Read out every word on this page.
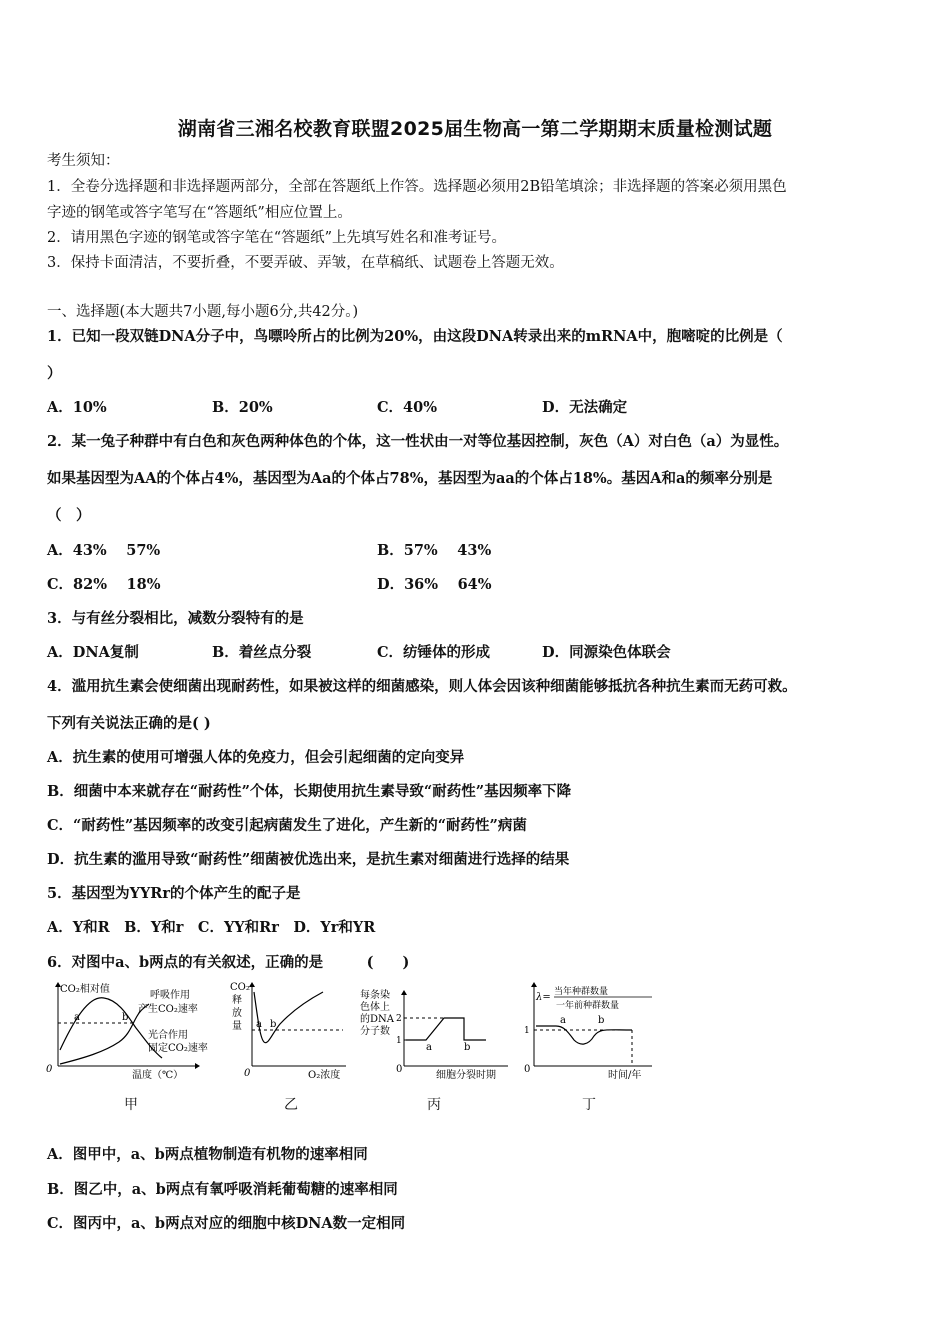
湖南省三湘名校教育联盟2025届生物高一第二学期期末质量检测试题
考生须知：
1．全卷分选择题和非选择题两部分，全部在答题纸上作答。选择题必须用2B铅笔填涂；非选择题的答案必须用黑色
字迹的钢笔或答字笔写在“答题纸”相应位置上。
2．请用黑色字迹的钢笔或答字笔在“答题纸”上先填写姓名和准考证号。
3．保持卡面清洁，不要折叠，不要弄破、弄皱，在草稿纸、试题卷上答题无效。
一、选择题(本大题共7小题,每小题6分,共42分。)
1．已知一段双链DNA分子中，鸟嘌呤所占的比例为20%，由这段DNA转录出来的mRNA中，胞嘧啶的比例是（
）
A．10%	B．20%	C．40%	D．无法确定
2．某一兔子种群中有白色和灰色两种体色的个体，这一性状由一对等位基因控制，灰色（A）对白色（a）为显性。
如果基因型为AA的个体占4%，基因型为Aa的个体占78%，基因型为aa的个体占18%。基因A和a的频率分别是
（　）
A．43%　 57%	B．57%　 43%
C．82%　 18%	D．36%　 64%
3．与有丝分裂相比，减数分裂特有的是
A．DNA复制	B．着丝点分裂	C．纺锤体的形成	D．同源染色体联会
4．滥用抗生素会使细菌出现耐药性，如果被这样的细菌感染，则人体会因该种细菌能够抵抗各种抗生素而无药可救。
下列有关说法正确的是( )
A．抗生素的使用可增强人体的免疫力，但会引起细菌的定向变异
B．细菌中本来就存在“耐药性”个体，长期使用抗生素导致“耐药性”基因频率下降
C．“耐药性”基因频率的改变引起病菌发生了进化，产生新的“耐药性”病菌
D．抗生素的滥用导致“耐药性”细菌被优选出来，是抗生素对细菌进行选择的结果
5．基因型为YYRr的个体产生的配子是
A．Y和R　B．Y和r　C．YY和Rr　D．Yr和YR
6．对图中a、b两点的有关叙述，正确的是　　　(　　)
CO₂相对值
呼吸作用
产生CO₂速率
光合作用
固定CO₂速率
a	b
0
温度（℃）
甲
CO₂
释
放
量 a b
0	O₂浓度
乙
每条染
色体上
的DNA
分子数
2
1
a	b
0
细胞分裂时期
丙
λ= 当年种群数量
一年前种群数量
1
a	b
0
时间/年
丁
A．图甲中，a、b两点植物制造有机物的速率相同
B．图乙中，a、b两点有氧呼吸消耗葡萄糖的速率相同
C．图丙中，a、b两点对应的细胞中核DNA数一定相同
